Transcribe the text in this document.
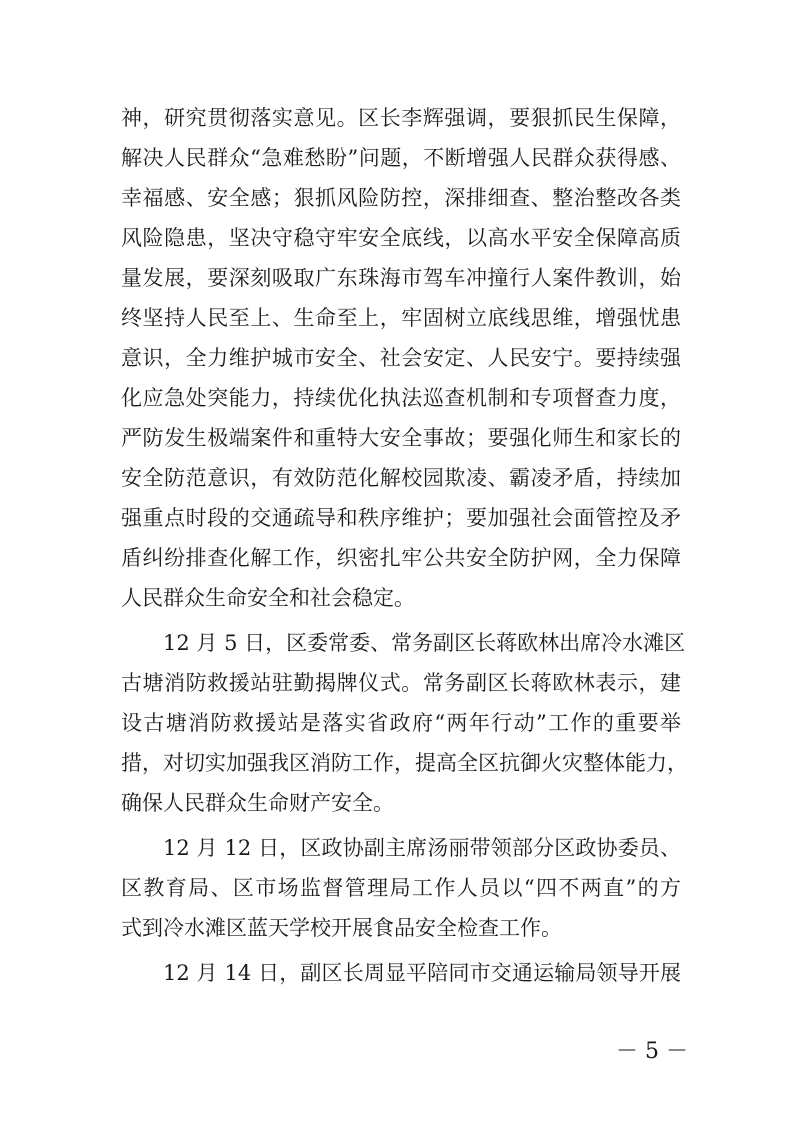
神，研究贯彻落实意见。区长李辉强调，要狠抓民生保障，
解决人民群众“急难愁盼”问题，不断增强人民群众获得感、
幸福感、安全感；狠抓风险防控，深排细查、整治整改各类
风险隐患，坚决守稳守牢安全底线，以高水平安全保障高质
量发展，要深刻吸取广东珠海市驾车冲撞行人案件教训，始
终坚持人民至上、生命至上，牢固树立底线思维，增强忧患
意识，全力维护城市安全、社会安定、人民安宁。要持续强
化应急处突能力，持续优化执法巡查机制和专项督查力度，
严防发生极端案件和重特大安全事故；要强化师生和家长的
安全防范意识，有效防范化解校园欺凌、霸凌矛盾，持续加
强重点时段的交通疏导和秩序维护；要加强社会面管控及矛
盾纠纷排查化解工作，织密扎牢公共安全防护网，全力保障
人民群众生命安全和社会稳定。
12 月 5 日，区委常委、常务副区长蒋欧林出席冷水滩区
古塘消防救援站驻勤揭牌仪式。常务副区长蒋欧林表示，建
设古塘消防救援站是落实省政府“两年行动”工作的重要举
措，对切实加强我区消防工作，提高全区抗御火灾整体能力，
确保人民群众生命财产安全。
12 月 12 日，区政协副主席汤丽带领部分区政协委员、
区教育局、区市场监督管理局工作人员以“四不两直”的方
式到冷水滩区蓝天学校开展食品安全检查工作。
12 月 14 日，副区长周显平陪同市交通运输局领导开展
－ 5 －
